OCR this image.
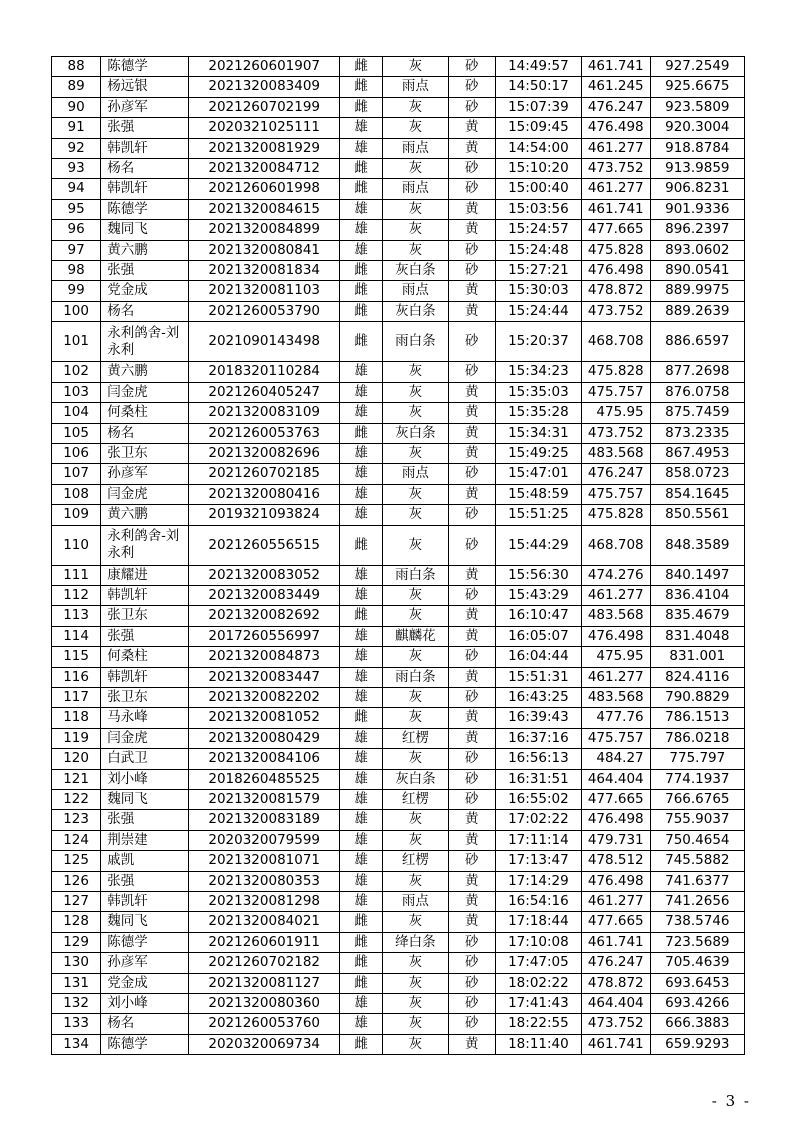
88	陈德学	2021260601907	雌	灰	砂	14:49:57	461.741	927.2549
89	杨远银	2021320083409	雌	雨点	砂	14:50:17	461.245	925.6675
90	孙彦军	2021260702199	雌	灰	砂	15:07:39	476.247	923.5809
91	张强	2020321025111	雄	灰	黄	15:09:45	476.498	920.3004
92	韩凯轩	2021320081929	雄	雨点	黄	14:54:00	461.277	918.8784
93	杨名	2021320084712	雌	灰	砂	15:10:20	473.752	913.9859
94	韩凯轩	2021260601998	雌	雨点	砂	15:00:40	461.277	906.8231
95	陈德学	2021320084615	雄	灰	黄	15:03:56	461.741	901.9336
96	魏同飞	2021320084899	雄	灰	黄	15:24:57	477.665	896.2397
97	黄六鹏	2021320080841	雄	灰	砂	15:24:48	475.828	893.0602
98	张强	2021320081834	雌	灰白条	砂	15:27:21	476.498	890.0541
99	党金成	2021320081103	雌	雨点	黄	15:30:03	478.872	889.9975
100	杨名	2021260053790	雌	灰白条	黄	15:24:44	473.752	889.2639
101	永利鸽舍-刘永利	2021090143498	雌	雨白条	砂	15:20:37	468.708	886.6597
102	黄六鹏	2018320110284	雄	灰	砂	15:34:23	475.828	877.2698
103	闫金虎	2021260405247	雄	灰	黄	15:35:03	475.757	876.0758
104	何桑柱	2021320083109	雄	灰	黄	15:35:28	475.95	875.7459
105	杨名	2021260053763	雌	灰白条	黄	15:34:31	473.752	873.2335
106	张卫东	2021320082696	雄	灰	黄	15:49:25	483.568	867.4953
107	孙彦军	2021260702185	雄	雨点	砂	15:47:01	476.247	858.0723
108	闫金虎	2021320080416	雄	灰	黄	15:48:59	475.757	854.1645
109	黄六鹏	2019321093824	雄	灰	砂	15:51:25	475.828	850.5561
110	永利鸽舍-刘永利	2021260556515	雌	灰	砂	15:44:29	468.708	848.3589
111	康耀进	2021320083052	雄	雨白条	黄	15:56:30	474.276	840.1497
112	韩凯轩	2021320083449	雄	灰	砂	15:43:29	461.277	836.4104
113	张卫东	2021320082692	雌	灰	黄	16:10:47	483.568	835.4679
114	张强	2017260556997	雄	麒麟花	黄	16:05:07	476.498	831.4048
115	何桑柱	2021320084873	雄	灰	砂	16:04:44	475.95	831.001
116	韩凯轩	2021320083447	雄	雨白条	黄	15:51:31	461.277	824.4116
117	张卫东	2021320082202	雄	灰	砂	16:43:25	483.568	790.8829
118	马永峰	2021320081052	雌	灰	黄	16:39:43	477.76	786.1513
119	闫金虎	2021320080429	雄	红楞	黄	16:37:16	475.757	786.0218
120	白武卫	2021320084106	雄	灰	砂	16:56:13	484.27	775.797
121	刘小峰	2018260485525	雄	灰白条	砂	16:31:51	464.404	774.1937
122	魏同飞	2021320081579	雄	红楞	砂	16:55:02	477.665	766.6765
123	张强	2021320083189	雄	灰	黄	17:02:22	476.498	755.9037
124	荆崇建	2020320079599	雄	灰	黄	17:11:14	479.731	750.4654
125	戚凯	2021320081071	雄	红楞	砂	17:13:47	478.512	745.5882
126	张强	2021320080353	雄	灰	黄	17:14:29	476.498	741.6377
127	韩凯轩	2021320081298	雄	雨点	黄	16:54:16	461.277	741.2656
128	魏同飞	2021320084021	雌	灰	黄	17:18:44	477.665	738.5746
129	陈德学	2021260601911	雌	绛白条	砂	17:10:08	461.741	723.5689
130	孙彦军	2021260702182	雌	灰	砂	17:47:05	476.247	705.4639
131	党金成	2021320081127	雌	灰	砂	18:02:22	478.872	693.6453
132	刘小峰	2021320080360	雄	灰	砂	17:41:43	464.404	693.4266
133	杨名	2021260053760	雄	灰	砂	18:22:55	473.752	666.3883
134	陈德学	2020320069734	雌	灰	黄	18:11:40	461.741	659.9293
- 3 -
